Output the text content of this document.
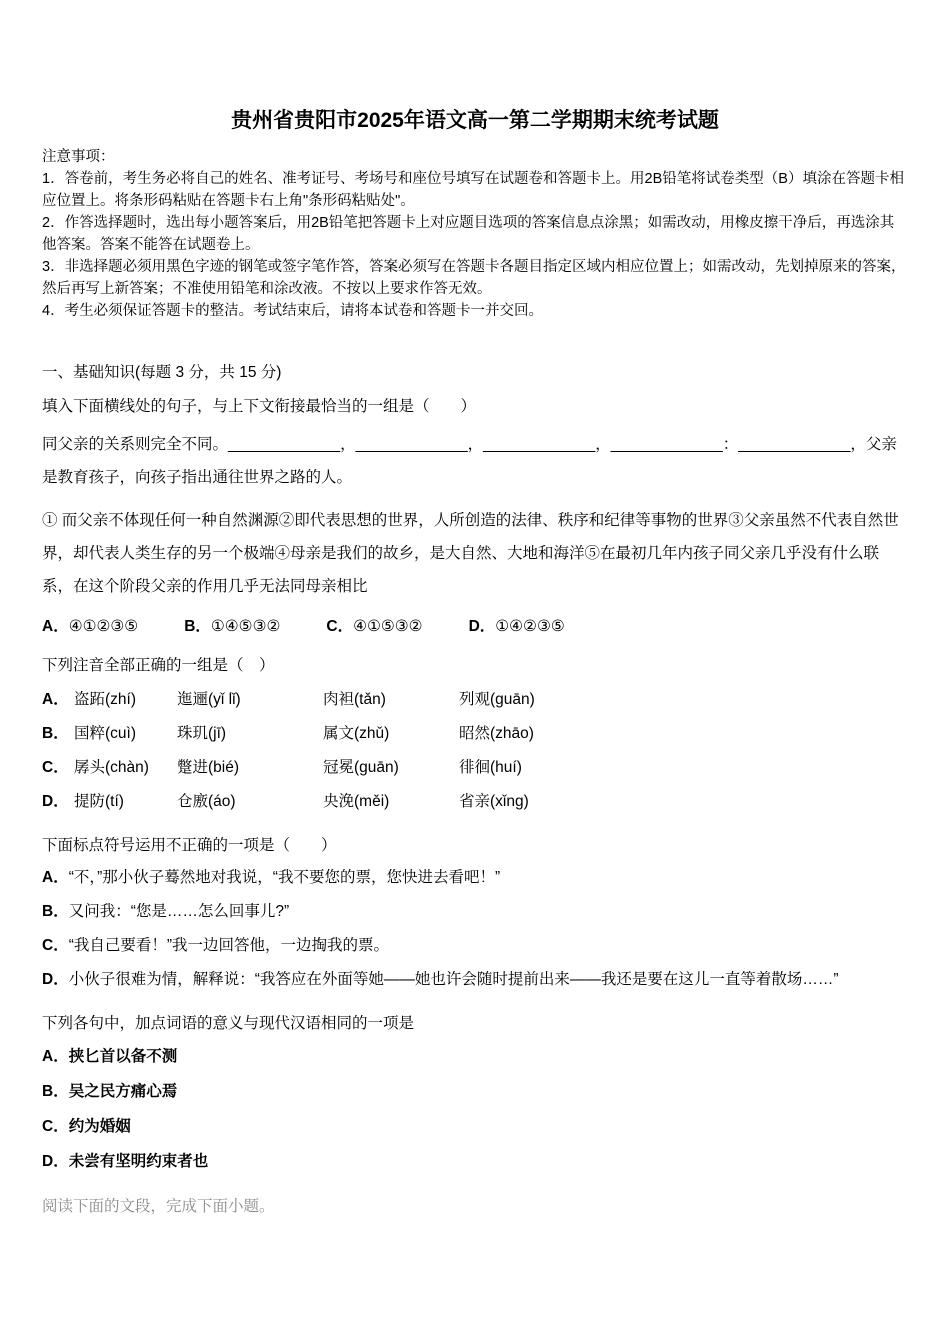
贵州省贵阳市2025年语文高一第二学期期末统考试题
注意事项：
1．答卷前，考生务必将自己的姓名、准考证号、考场号和座位号填写在试题卷和答题卡上。用2B铅笔将试卷类型（B）填涂在答题卡相应位置上。将条形码粘贴在答题卡右上角"条形码粘贴处"。
2．作答选择题时，选出每小题答案后，用2B铅笔把答题卡上对应题目选项的答案信息点涂黑；如需改动，用橡皮擦干净后，再选涂其他答案。答案不能答在试题卷上。
3．非选择题必须用黑色字迹的钢笔或签字笔作答，答案必须写在答题卡各题目指定区域内相应位置上；如需改动，先划掉原来的答案，然后再写上新答案；不准使用铅笔和涂改液。不按以上要求作答无效。
4．考生必须保证答题卡的整洁。考试结束后，请将本试卷和答题卡一并交回。
一、基础知识(每题 3 分，共 15 分)
填入下面横线处的句子，与上下文衔接最恰当的一组是（　　）
同父亲的关系则完全不同。_____________，_____________，_____________，_____________：_____________，父亲是教育孩子，向孩子指出通往世界之路的人。
① 而父亲不体现任何一种自然渊源②即代表思想的世界，人所创造的法律、秩序和纪律等事物的世界③父亲虽然不代表自然世界，却代表人类生存的另一个极端④母亲是我们的故乡，是大自然、大地和海洋⑤在最初几年内孩子同父亲几乎没有什么联系，在这个阶段父亲的作用几乎无法同母亲相比
A．④①②③⑤	B．①④⑤③②	C．④①⑤③②	D．①④②③⑤
下列注音全部正确的一组是（　）
A． 盗跖(zhí)	迤逦(yǐ lǐ)	肉袒(tǎn)	列观(guān)
B． 国粹(cuì)	珠玑(jī)	属文(zhǔ)	昭然(zhāo)
C． 孱头(chàn)	蹩进(bié)	冠冕(guān)	徘徊(huí)
D． 提防(tí)	仓廒(áo)	央浼(měi)	省亲(xǐng)
下面标点符号运用不正确的一项是（　　）
A．“不，”那小伙子蓦然地对我说，“我不要您的票，您快进去看吧！”
B．又问我：“您是……怎么回事儿?”
C．“我自己要看！”我一边回答他，一边掏我的票。
D．小伙子很难为情，解释说：“我答应在外面等她——她也许会随时提前出来——我还是要在这儿一直等着散场……”
下列各句中，加点词语的意义与现代汉语相同的一项是
A．挟匕首以备不测
B．吴之民方痛心焉
C．约为婚姻
D．未尝有坚明约束者也
阅读下面的文段，完成下面小题。
